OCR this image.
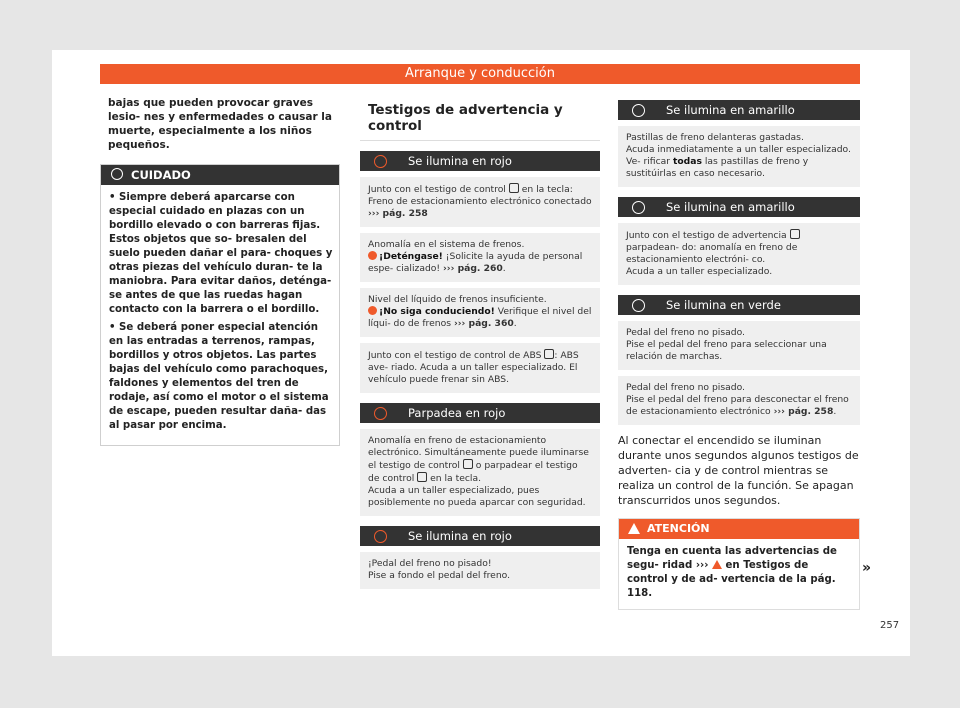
Arranque y conducción
bajas que pueden provocar graves lesio- nes y enfermedades o causar la muerte, especialmente a los niños pequeños.
CUIDADO

• Siempre deberá aparcarse con especial cuidado en plazas con un bordillo elevado o con barreras fijas. Estos objetos que so- bresalen del suelo pueden dañar el para- choques y otras piezas del vehículo duran- te la maniobra. Para evitar daños, deténga- se antes de que las ruedas hagan contacto con la barrera o el bordillo.

• Se deberá poner especial atención en las entradas a terrenos, rampas, bordillos y otros objetos. Las partes bajas del vehículo como parachoques, faldones y elementos del tren de rodaje, así como el motor o el sistema de escape, pueden resultar daña- das al pasar por encima.

Testigos de advertencia y control
Se ilumina en rojo
Junto con el testigo de control  en la tecla: Freno de estacionamiento electrónico conectado
››› pág. 258
Anomalía en el sistema de frenos.
¡Deténgase! ¡Solicite la ayuda de personal espe- cializado! ››› pág. 260.
Nivel del líquido de frenos insuficiente.
¡No siga conduciendo! Verifique el nivel del líqui- do de frenos ››› pág. 360.
Junto con el testigo de control de ABS : ABS ave- riado. Acuda a un taller especializado. El vehículo puede frenar sin ABS.
Parpadea en rojo
Anomalía en freno de estacionamiento electrónico. Simultáneamente puede iluminarse el testigo de control  o parpadear el testigo de control  en la tecla.
Acuda a un taller especializado, pues posiblemente no pueda aparcar con seguridad.
Se ilumina en rojo
¡Pedal del freno no pisado!
Pise a fondo el pedal del freno.
Se ilumina en amarillo
Pastillas de freno delanteras gastadas.
Acuda inmediatamente a un taller especializado. Ve- rificar todas las pastillas de freno y sustitúirlas en caso necesario.
Se ilumina en amarillo
Junto con el testigo de advertencia  parpadean- do: anomalía en freno de estacionamiento electróni- co.
Acuda a un taller especializado.
Se ilumina en verde
Pedal del freno no pisado.
Pise el pedal del freno para seleccionar una relación de marchas.
Pedal del freno no pisado.
Pise el pedal del freno para desconectar el freno de estacionamiento electrónico ››› pág. 258.
Al conectar el encendido se iluminan durante unos segundos algunos testigos de adverten- cia y de control mientras se realiza un control de la función. Se apagan transcurridos unos segundos.
ATENCIÓN
Tenga en cuenta las advertencias de segu- ridad ›››  en Testigos de control y de ad- vertencia de la pág. 118.
»
257
